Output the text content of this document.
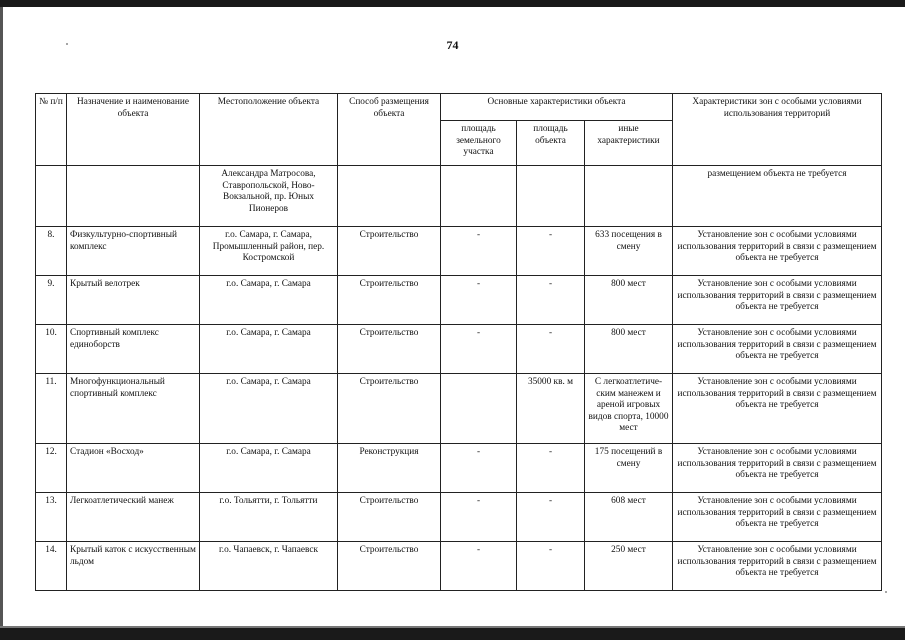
74
№ п/п	Назначение и наименование объекта	Местоположение объекта	Способ размещения объекта	Основные характеристики объекта			Характеристики зон с особыми условиями использования территорий
				площадь земельного участка	площадь объекта	иные характеристики	
		Александра Матросова, Ставропольской, Ново-Вокзальной, пр. Юных Пионеров					размещением объекта не требуется
8.	Физкультурно-спортивный комплекс	г.о. Самара, г. Самара, Промышленный район, пер. Костромской	Строительство	-	-	633 посещения в смену	Установление зон с особыми условиями использования территорий в связи с размещением объекта не требуется
9.	Крытый велотрек	г.о. Самара, г. Самара	Строительство	-	-	800 мест	Установление зон с особыми условиями использования территорий в связи с размещением объекта не требуется
10.	Спортивный комплекс единоборств	г.о. Самара, г. Самара	Строительство	-	-	800 мест	Установление зон с особыми условиями использования территорий в связи с размещением объекта не требуется
11.	Многофункциональный спортивный комплекс	г.о. Самара, г. Самара	Строительство		35000 кв. м	С легкоатлетиче-ским манежем и ареной игровых видов спорта, 10000 мест	Установление зон с особыми условиями использования территорий в связи с размещением объекта не требуется
12.	Стадион «Восход»	г.о. Самара, г. Самара	Реконструкция	-	-	175 посещений в смену	Установление зон с особыми условиями использования территорий в связи с размещением объекта не требуется
13.	Легкоатлетический манеж	г.о. Тольятти, г. Тольятти	Строительство	-	-	608 мест	Установление зон с особыми условиями использования территорий в связи с размещением объекта не требуется
14.	Крытый каток с искусственным льдом	г.о. Чапаевск, г. Чапаевск	Строительство	-	-	250 мест	Установление зон с особыми условиями использования территорий в связи с размещением объекта не требуется
